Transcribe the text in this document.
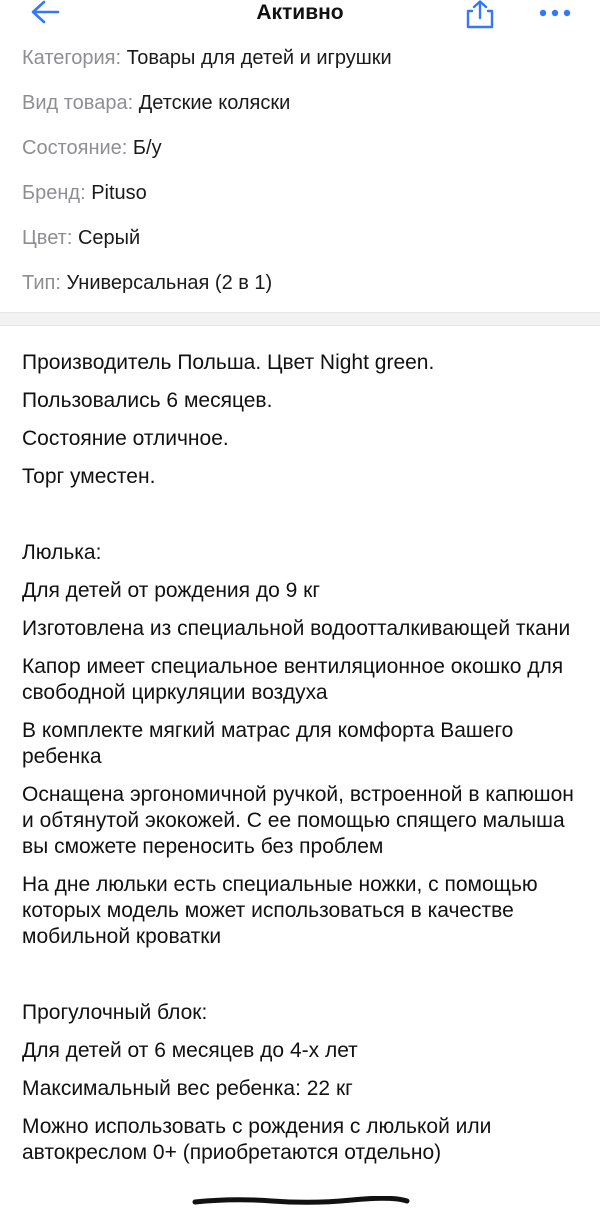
Активно
Категория: Товары для детей и игрушки
Вид товара: Детские коляски
Состояние: Б/у
Бренд: Pituso
Цвет: Серый
Тип: Универсальная (2 в 1)

Производитель Польша. Цвет Night green.

Пользовались 6 месяцев.

Состояние отличное.

Торг уместен.

Люлька:

Для детей от рождения до 9 кг

Изготовлена из специальной водоотталкивающей ткани

Капор имеет специальное вентиляционное окошко для свободной циркуляции воздуха

В комплекте мягкий матрас для комфорта Вашего ребенка

Оснащена эргономичной ручкой, встроенной в капюшон и обтянутой экокожей. С ее помощью спящего малыша вы сможете переносить без проблем

На дне люльки есть специальные ножки, с помощью которых модель может использоваться в качестве мобильной кроватки

Прогулочный блок:

Для детей от 6 месяцев до 4-х лет

Максимальный вес ребенка: 22 кг

Можно использовать с рождения с люлькой или автокреслом 0+ (приобретаются отдельно)
